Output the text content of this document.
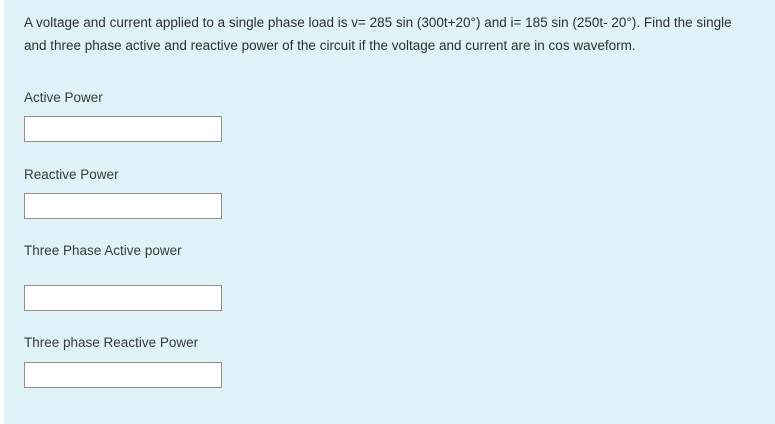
A voltage and current applied to a single phase load is v= 285 sin (300t+20°) and i= 185 sin (250t- 20°). Find the single and three phase active and reactive power of the circuit if the voltage and current are in cos waveform.

Active Power

Reactive Power

Three Phase Active power

Three phase Reactive Power
